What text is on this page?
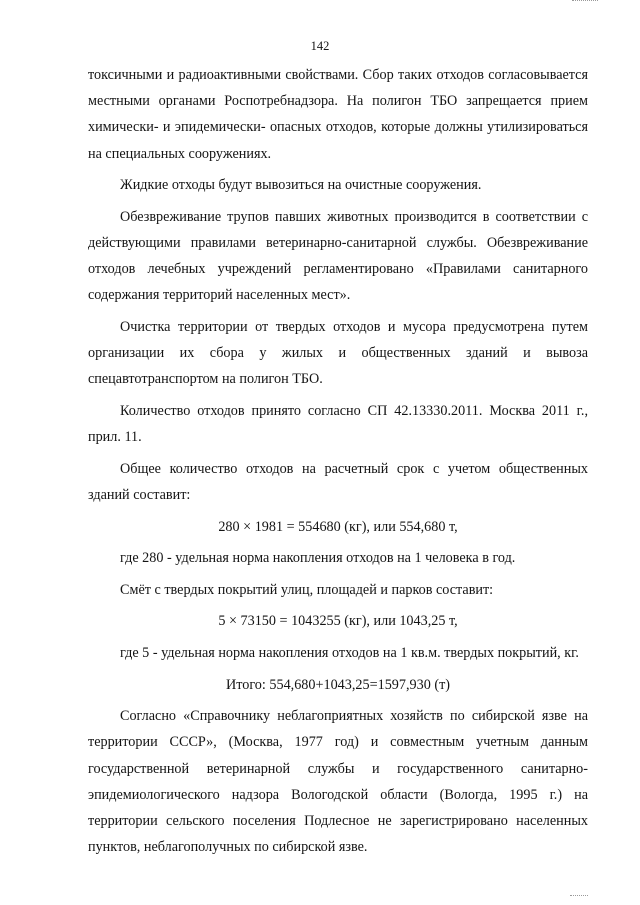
142

токсичными и радиоактивными свойствами. Сбор таких отходов согласовывается местными органами Роспотребнадзора. На полигон ТБО запрещается прием химически- и эпидемически- опасных отходов, которые должны утилизироваться на специальных сооружениях.

Жидкие отходы будут вывозиться на очистные сооружения.

Обезвреживание трупов павших животных производится в соответствии с действующими правилами ветеринарно-санитарной службы. Обезвреживание отходов лечебных учреждений регламентировано «Правилами санитарного содержания территорий населенных мест».

Очистка территории от твердых отходов и мусора предусмотрена путем организации их сбора у жилых и общественных зданий и вывоза спецавтотранспортом на полигон ТБО.

Количество отходов принято согласно СП 42.13330.2011. Москва 2011 г., прил. 11.

Общее количество отходов на расчетный срок с учетом общественных зданий составит:

280 × 1981 = 554680 (кг), или 554,680 т,

где 280 - удельная норма накопления отходов на 1 человека в год.

Смёт с твердых покрытий улиц, площадей и парков составит:

5 × 73150 = 1043255 (кг), или 1043,25 т,

где 5 - удельная норма накопления отходов на 1 кв.м. твердых покрытий, кг.

Итого: 554,680+1043,25=1597,930 (т)

Согласно «Справочнику неблагоприятных хозяйств по сибирской язве на территории СССР», (Москва, 1977 год) и совместным учетным данным государственной ветеринарной службы и государственного санитарно-эпидемиологического надзора Вологодской области (Вологда, 1995 г.) на территории сельского поселения Подлесное не зарегистрировано населенных пунктов, неблагополучных по сибирской язве.
